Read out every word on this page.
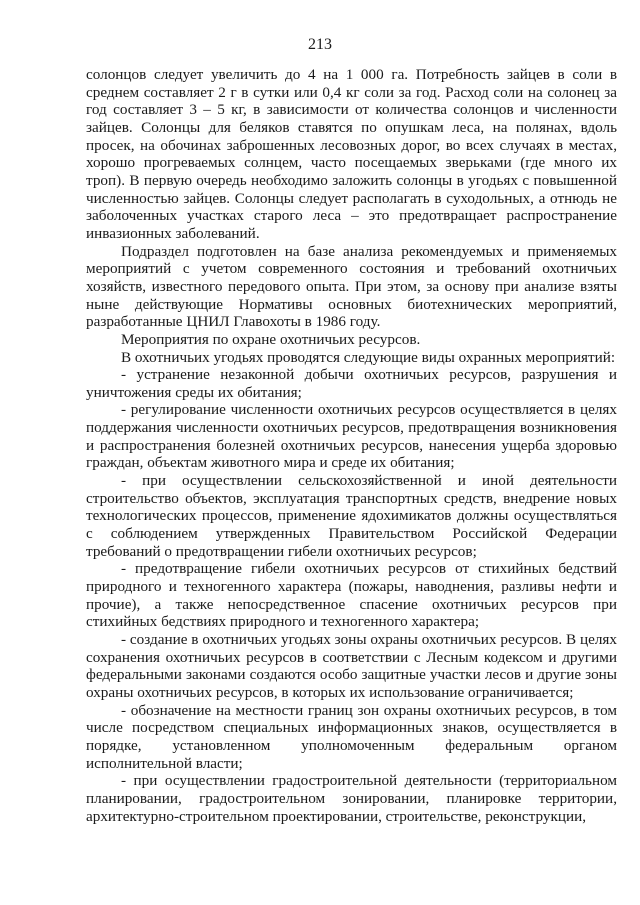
213

солонцов следует увеличить до 4 на 1 000 га. Потребность зайцев в соли в среднем составляет 2 г в сутки или 0,4 кг соли за год. Расход соли на солонец за год составляет 3 – 5 кг, в зависимости от количества солонцов и численности зайцев. Солонцы для беляков ставятся по опушкам леса, на полянах, вдоль просек, на обочинах заброшенных лесовозных дорог, во всех случаях в местах, хорошо прогреваемых солнцем, часто посещаемых зверьками (где много их троп). В первую очередь необходимо заложить солонцы в угодьях с повышенной численностью зайцев. Солонцы следует располагать в суходольных, а отнюдь не заболоченных участках старого леса – это предотвращает распространение инвазионных заболеваний.

Подраздел подготовлен на базе анализа рекомендуемых и применяемых мероприятий с учетом современного состояния и требований охотничьих хозяйств, известного передового опыта. При этом, за основу при анализе взяты ныне действующие Нормативы основных биотехнических мероприятий, разработанные ЦНИЛ Главохоты в 1986 году.

Мероприятия по охране охотничьих ресурсов.

В охотничьих угодьях проводятся следующие виды охранных мероприятий:

- устранение незаконной добычи охотничьих ресурсов, разрушения и уничтожения среды их обитания;

- регулирование численности охотничьих ресурсов осуществляется в целях поддержания численности охотничьих ресурсов, предотвращения возникновения и распространения болезней охотничьих ресурсов, нанесения ущерба здоровью граждан, объектам животного мира и среде их обитания;

- при осуществлении сельскохозяйственной и иной деятельности строительство объектов, эксплуатация транспортных средств, внедрение новых технологических процессов, применение ядохимикатов должны осуществляться с соблюдением утвержденных Правительством Российской Федерации требований о предотвращении гибели охотничьих ресурсов;

- предотвращение гибели охотничьих ресурсов от стихийных бедствий природного и техногенного характера (пожары, наводнения, разливы нефти и прочие), а также непосредственное спасение охотничьих ресурсов при стихийных бедствиях природного и техногенного характера;

- создание в охотничьих угодьях зоны охраны охотничьих ресурсов. В целях сохранения охотничьих ресурсов в соответствии с Лесным кодексом и другими федеральными законами создаются особо защитные участки лесов и другие зоны охраны охотничьих ресурсов, в которых их использование ограничивается;

- обозначение на местности границ зон охраны охотничьих ресурсов, в том числе посредством специальных информационных знаков, осуществляется в порядке, установленном уполномоченным федеральным органом исполнительной власти;

- при осуществлении градостроительной деятельности (территориальном планировании, градостроительном зонировании, планировке территории, архитектурно-строительном проектировании, строительстве, реконструкции,
